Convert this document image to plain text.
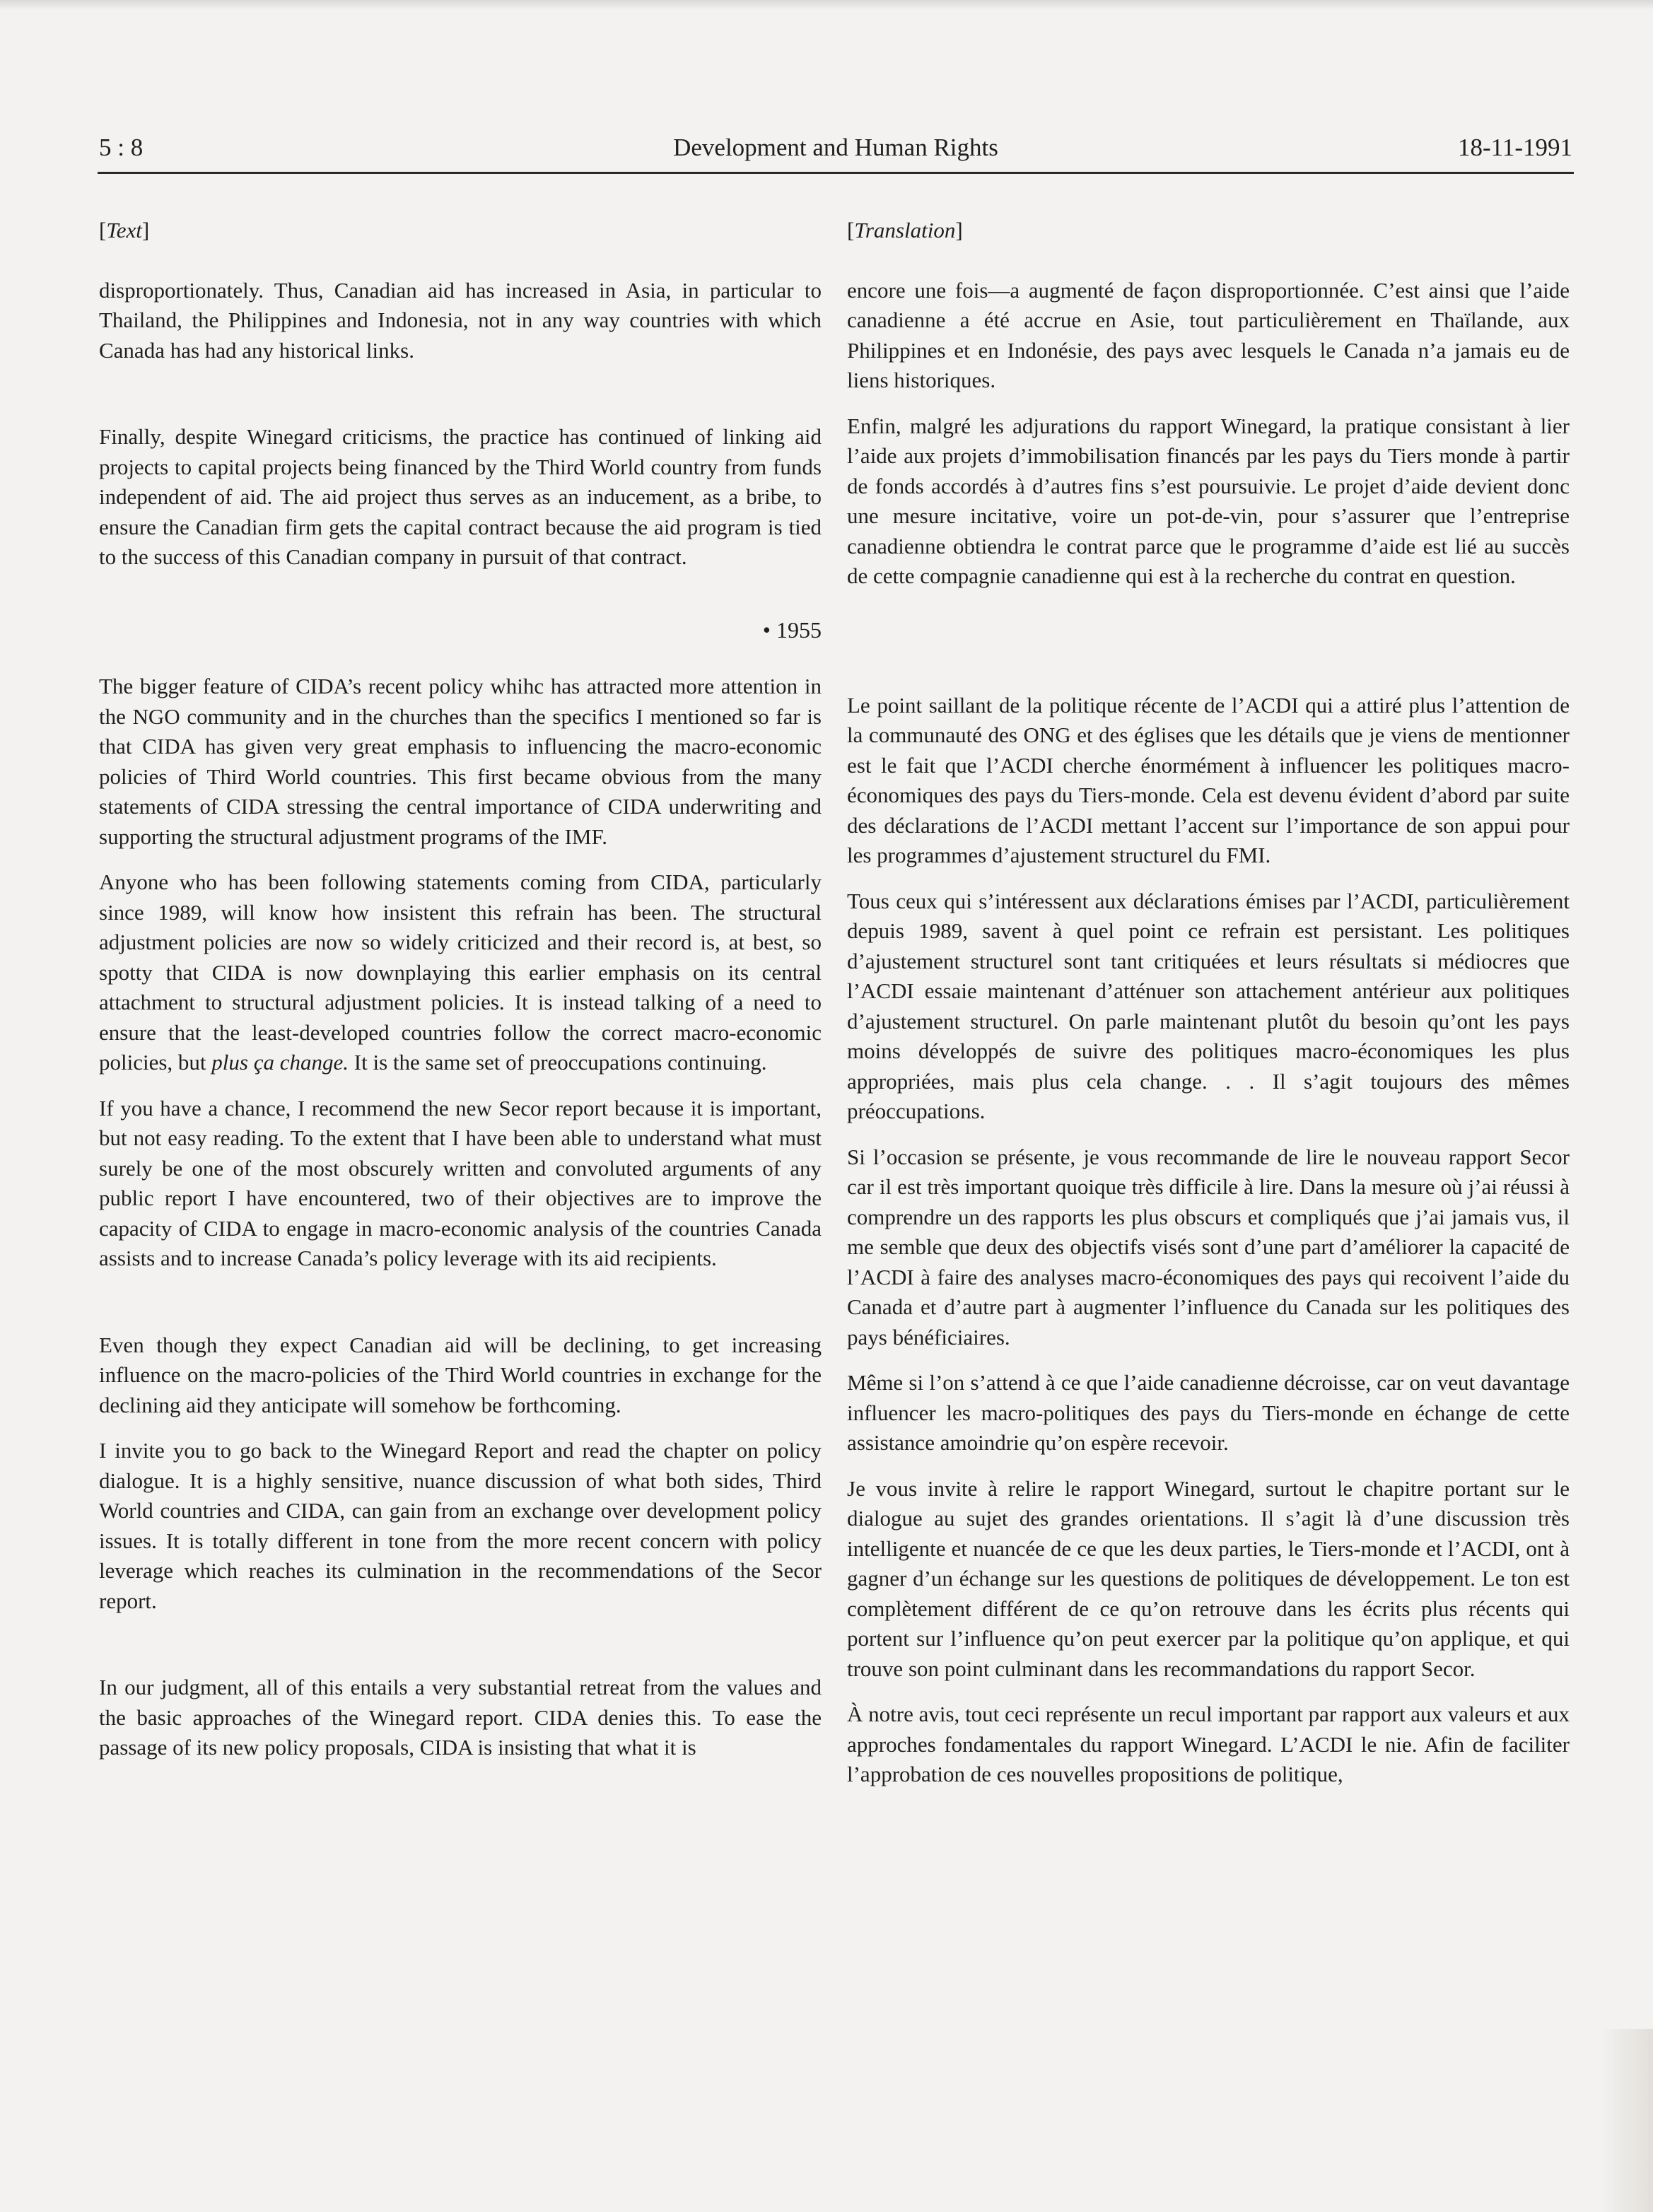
5 : 8	Development and Human Rights	18-11-1991
[Text]

disproportionately. Thus, Canadian aid has increased in Asia, in particular to Thailand, the Philippines and Indonesia, not in any way countries with which Canada has had any historical links.

Finally, despite Winegard criticisms, the practice has continued of linking aid projects to capital projects being financed by the Third World country from funds independent of aid. The aid project thus serves as an inducement, as a bribe, to ensure the Canadian firm gets the capital contract because the aid program is tied to the success of this Canadian company in pursuit of that contract.

• 1955

The bigger feature of CIDA’s recent policy whihc has attracted more attention in the NGO community and in the churches than the specifics I mentioned so far is that CIDA has given very great emphasis to influencing the macro-economic policies of Third World countries. This first became obvious from the many statements of CIDA stressing the central importance of CIDA underwriting and supporting the structural adjustment programs of the IMF.

Anyone who has been following statements coming from CIDA, particularly since 1989, will know how insistent this refrain has been. The structural adjustment policies are now so widely criticized and their record is, at best, so spotty that CIDA is now downplaying this earlier emphasis on its central attachment to structural adjustment policies. It is instead talking of a need to ensure that the least-developed countries follow the correct macro-economic policies, but plus ça change. It is the same set of preoccupations continuing.

If you have a chance, I recommend the new Secor report because it is important, but not easy reading. To the extent that I have been able to understand what must surely be one of the most obscurely written and convoluted arguments of any public report I have encountered, two of their objectives are to improve the capacity of CIDA to engage in macro-economic analysis of the countries Canada assists and to increase Canada’s policy leverage with its aid recipients.

Even though they expect Canadian aid will be declining, to get increasing influence on the macro-policies of the Third World countries in exchange for the declining aid they anticipate will somehow be forthcoming.

I invite you to go back to the Winegard Report and read the chapter on policy dialogue. It is a highly sensitive, nuance discussion of what both sides, Third World countries and CIDA, can gain from an exchange over development policy issues. It is totally different in tone from the more recent concern with policy leverage which reaches its culmination in the recommendations of the Secor report.

In our judgment, all of this entails a very substantial retreat from the values and the basic approaches of the Winegard report. CIDA denies this. To ease the passage of its new policy proposals, CIDA is insisting that what it is

[Translation]

encore une fois—a augmenté de façon disproportionnée. C’est ainsi que l’aide canadienne a été accrue en Asie, tout particulièrement en Thaïlande, aux Philippines et en Indonésie, des pays avec lesquels le Canada n’a jamais eu de liens historiques.

Enfin, malgré les adjurations du rapport Winegard, la pratique consistant à lier l’aide aux projets d’immobilisation financés par les pays du Tiers monde à partir de fonds accordés à d’autres fins s’est poursuivie. Le projet d’aide devient donc une mesure incitative, voire un pot-de-vin, pour s’assurer que l’entreprise canadienne obtiendra le contrat parce que le programme d’aide est lié au succès de cette compagnie canadienne qui est à la recherche du contrat en question.

Le point saillant de la politique récente de l’ACDI qui a attiré plus l’attention de la communauté des ONG et des églises que les détails que je viens de mentionner est le fait que l’ACDI cherche énormément à influencer les politiques macro-économiques des pays du Tiers-monde. Cela est devenu évident d’abord par suite des déclarations de l’ACDI mettant l’accent sur l’importance de son appui pour les programmes d’ajustement structurel du FMI.

Tous ceux qui s’intéressent aux déclarations émises par l’ACDI, particulièrement depuis 1989, savent à quel point ce refrain est persistant. Les politiques d’ajustement structurel sont tant critiquées et leurs résultats si médiocres que l’ACDI essaie maintenant d’atténuer son attachement antérieur aux politiques d’ajustement structurel. On parle maintenant plutôt du besoin qu’ont les pays moins développés de suivre des politiques macro-économiques les plus appropriées, mais plus cela change. . . Il s’agit toujours des mêmes préoccupations.

Si l’occasion se présente, je vous recommande de lire le nouveau rapport Secor car il est très important quoique très difficile à lire. Dans la mesure où j’ai réussi à comprendre un des rapports les plus obscurs et compliqués que j’ai jamais vus, il me semble que deux des objectifs visés sont d’une part d’améliorer la capacité de l’ACDI à faire des analyses macro-économiques des pays qui recoivent l’aide du Canada et d’autre part à augmenter l’influence du Canada sur les politiques des pays bénéficiaires.

Même si l’on s’attend à ce que l’aide canadienne décroisse, car on veut davantage influencer les macro-politiques des pays du Tiers-monde en échange de cette assistance amoindrie qu’on espère recevoir.

Je vous invite à relire le rapport Winegard, surtout le chapitre portant sur le dialogue au sujet des grandes orientations. Il s’agit là d’une discussion très intelligente et nuancée de ce que les deux parties, le Tiers-monde et l’ACDI, ont à gagner d’un échange sur les questions de politiques de développement. Le ton est complètement différent de ce qu’on retrouve dans les écrits plus récents qui portent sur l’influence qu’on peut exercer par la politique qu’on applique, et qui trouve son point culminant dans les recommandations du rapport Secor.

À notre avis, tout ceci représente un recul important par rapport aux valeurs et aux approches fondamentales du rapport Winegard. L’ACDI le nie. Afin de faciliter l’approbation de ces nouvelles propositions de politique,
